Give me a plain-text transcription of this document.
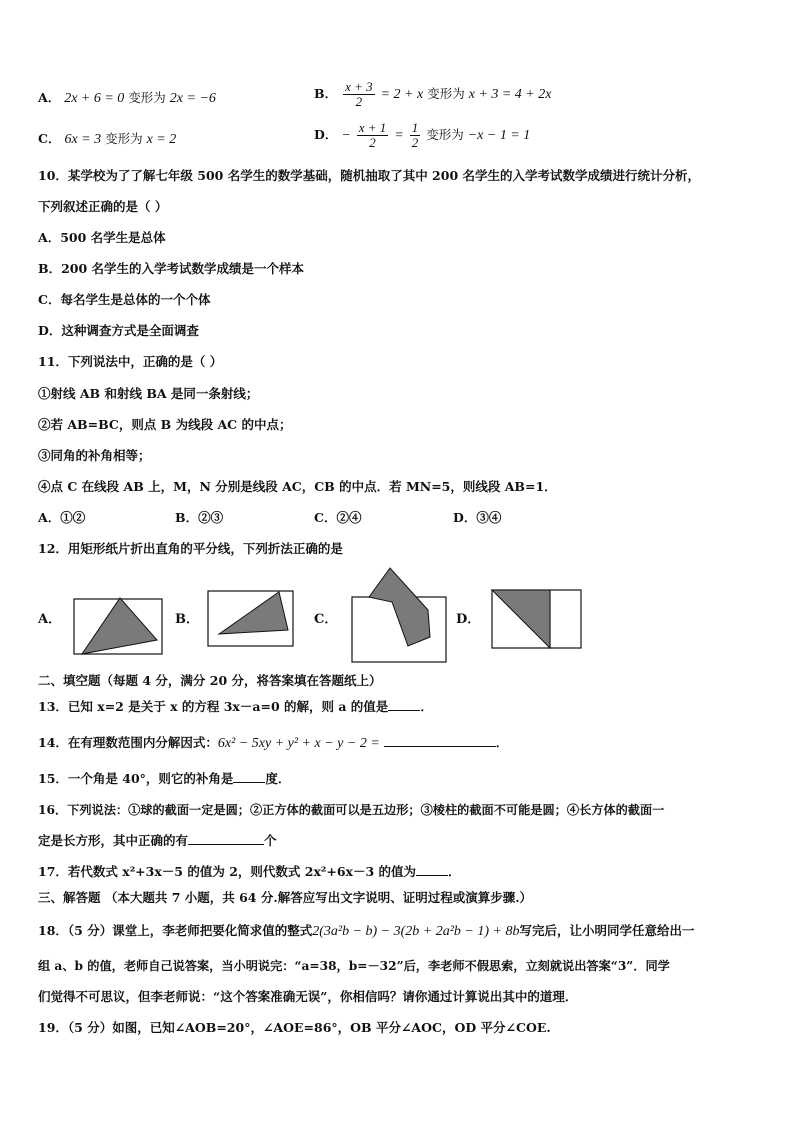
A． 2x + 6 = 0 变形为 2x = −6	B． $\frac{x + 3}{2} = 2 + x$ 变形为 x + 3 = 4 + 2x
C． 6x = 3 变形为 x = 2	D． − $\frac{x + 1}{2} = \frac{1}{2}$ 变形为 −x − 1 = 1
10．某学校为了了解七年级 500 名学生的数学基础，随机抽取了其中 200 名学生的入学考试数学成绩进行统计分析，
下列叙述正确的是（ ）
A．500 名学生是总体
B．200 名学生的入学考试数学成绩是一个样本
C．每名学生是总体的一个个体
D．这种调查方式是全面调查
11．下列说法中，正确的是（ ）
①射线 AB 和射线 BA 是同一条射线；
②若 AB=BC，则点 B 为线段 AC 的中点；
③同角的补角相等；
④点 C 在线段 AB 上，M，N 分别是线段 AC，CB 的中点．若 MN=5，则线段 AB=1．
A．①②	B．②③	C．②④	D．③④
12．用矩形纸片折出直角的平分线，下列折法正确的是
A．	B．	C．	D．
二、填空题（每题 4 分，满分 20 分，将答案填在答题纸上）
13．已知 x=2 是关于 x 的方程 3x－a=0 的解，则 a 的值是	．
14．在有理数范围内分解因式：6x² − 5xy + y² + x − y − 2 =	．
15．一个角是 40°，则它的补角是	度．
16．下列说法：①球的截面一定是圆；②正方体的截面可以是五边形；③棱柱的截面不可能是圆；④长方体的截面一
定是长方形，其中正确的有	个
17．若代数式 x²+3x－5 的值为 2，则代数式 2x²+6x－3 的值为	．
三、解答题 （本大题共 7 小题，共 64 分.解答应写出文字说明、证明过程或演算步骤.）
18．（5 分）课堂上，李老师把要化简求值的整式2(3a²b − b) − 3(2b + 2a²b − 1) + 8b写完后，让小明同学任意给出一
组 a、b 的值，老师自己说答案，当小明说完：“a=38，b=－32”后，李老师不假思索，立刻就说出答案“3”．同学
们觉得不可思议，但李老师说：“这个答案准确无误”，你相信吗？请你通过计算说出其中的道理．
19．（5 分）如图，已知∠AOB=20°，∠AOE=86°，OB 平分∠AOC，OD 平分∠COE.
